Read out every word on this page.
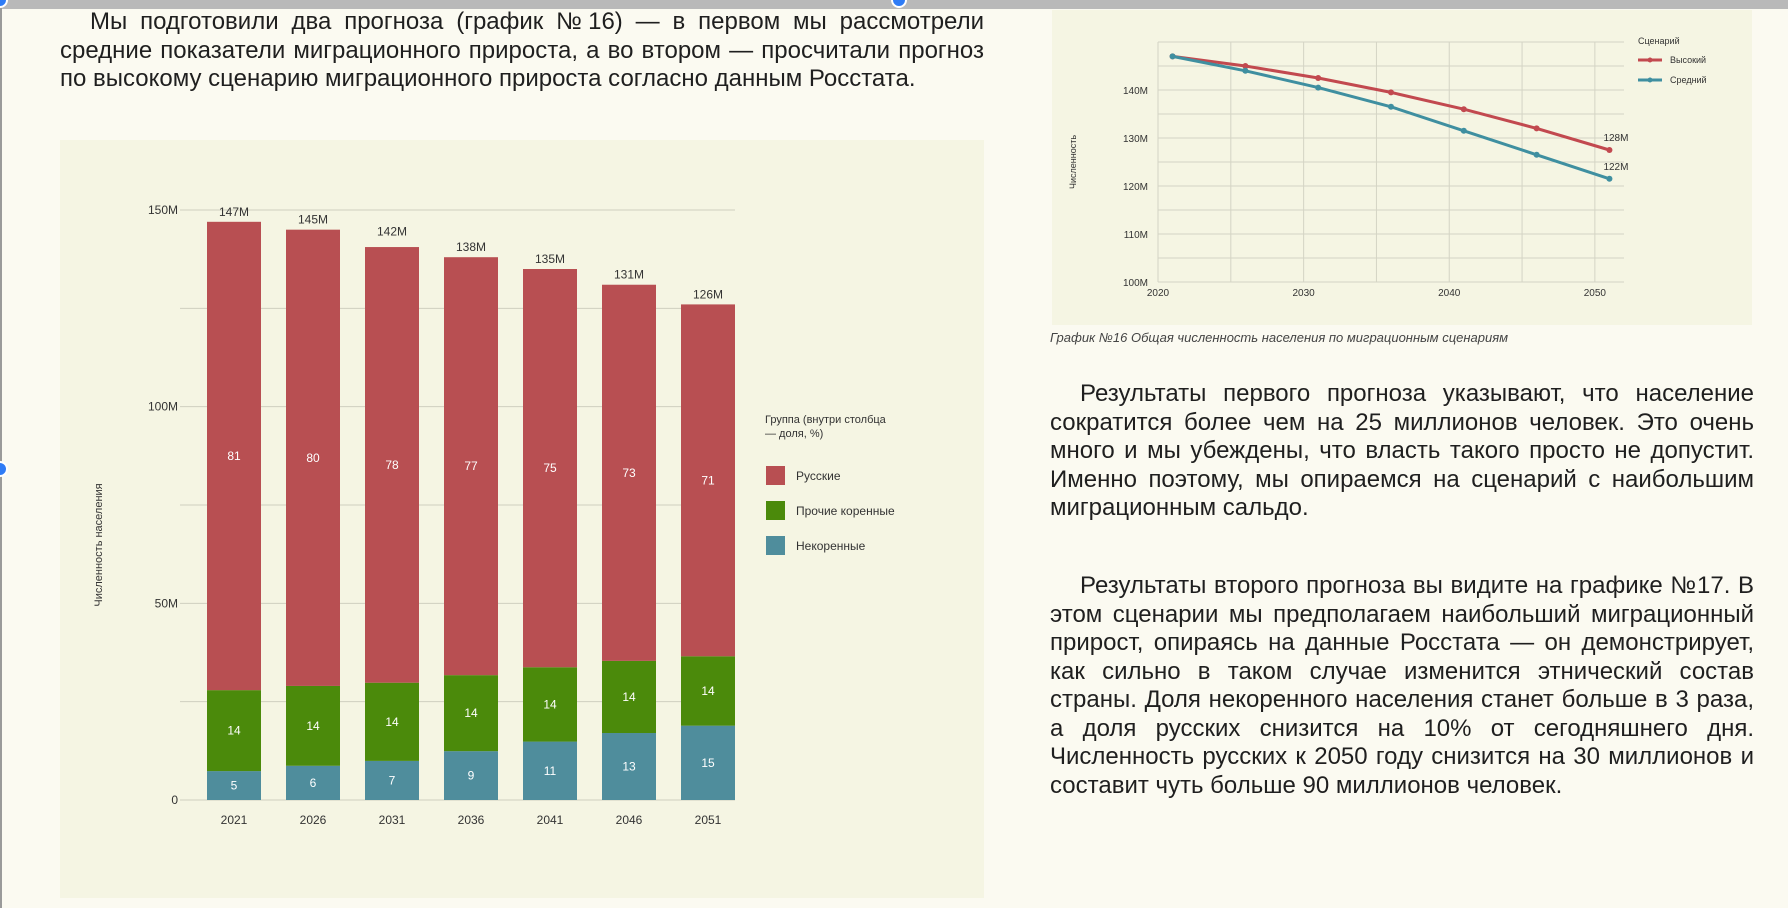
Мы подготовили два прогноза (график №16) — в первом мы рассмотрели средние показатели миграционного прироста, а во втором — просчитали прогноз по высокому сценарию миграционного прироста согласно данным Росстата.

0
50M
100M
150M
Численность населения
5
14
81
147M
2021
6
14
80
145M
2026
7
14
78
142M
2031
9
14
77
138M
2036
11
14
75
135M
2041
13
14
73
131M
2046
15
14
71
126M
2051
Группа (внутри столбца
— доля, %)
Русские
Прочие коренные
Некоренные
100M
110M
120M
130M
140M
2020	2030	2040	2050
Численность	128M
122M
Сценарий
Высокий
Средний
График №16 Общая численность населения по миграционным сценариям

Результаты первого прогноза указывают, что население сократится более чем на 25 миллионов человек. Это очень много и мы убеждены, что власть такого просто не допустит. Именно поэтому, мы опираемся на сценарий с наибольшим миграционным сальдо.

Результаты второго прогноза вы видите на графике №17. В этом сценарии мы предполагаем наибольший миграционный прирост, опираясь на данные Росстата — он демонстрирует, как сильно в таком случае изменится этнический состав страны. Доля некоренного населения станет больше в 3 раза, а доля русских снизится на 10% от сегодняшнего дня. Численность русских к 2050 году снизится на 30 миллионов и составит чуть больше 90 миллионов человек.
